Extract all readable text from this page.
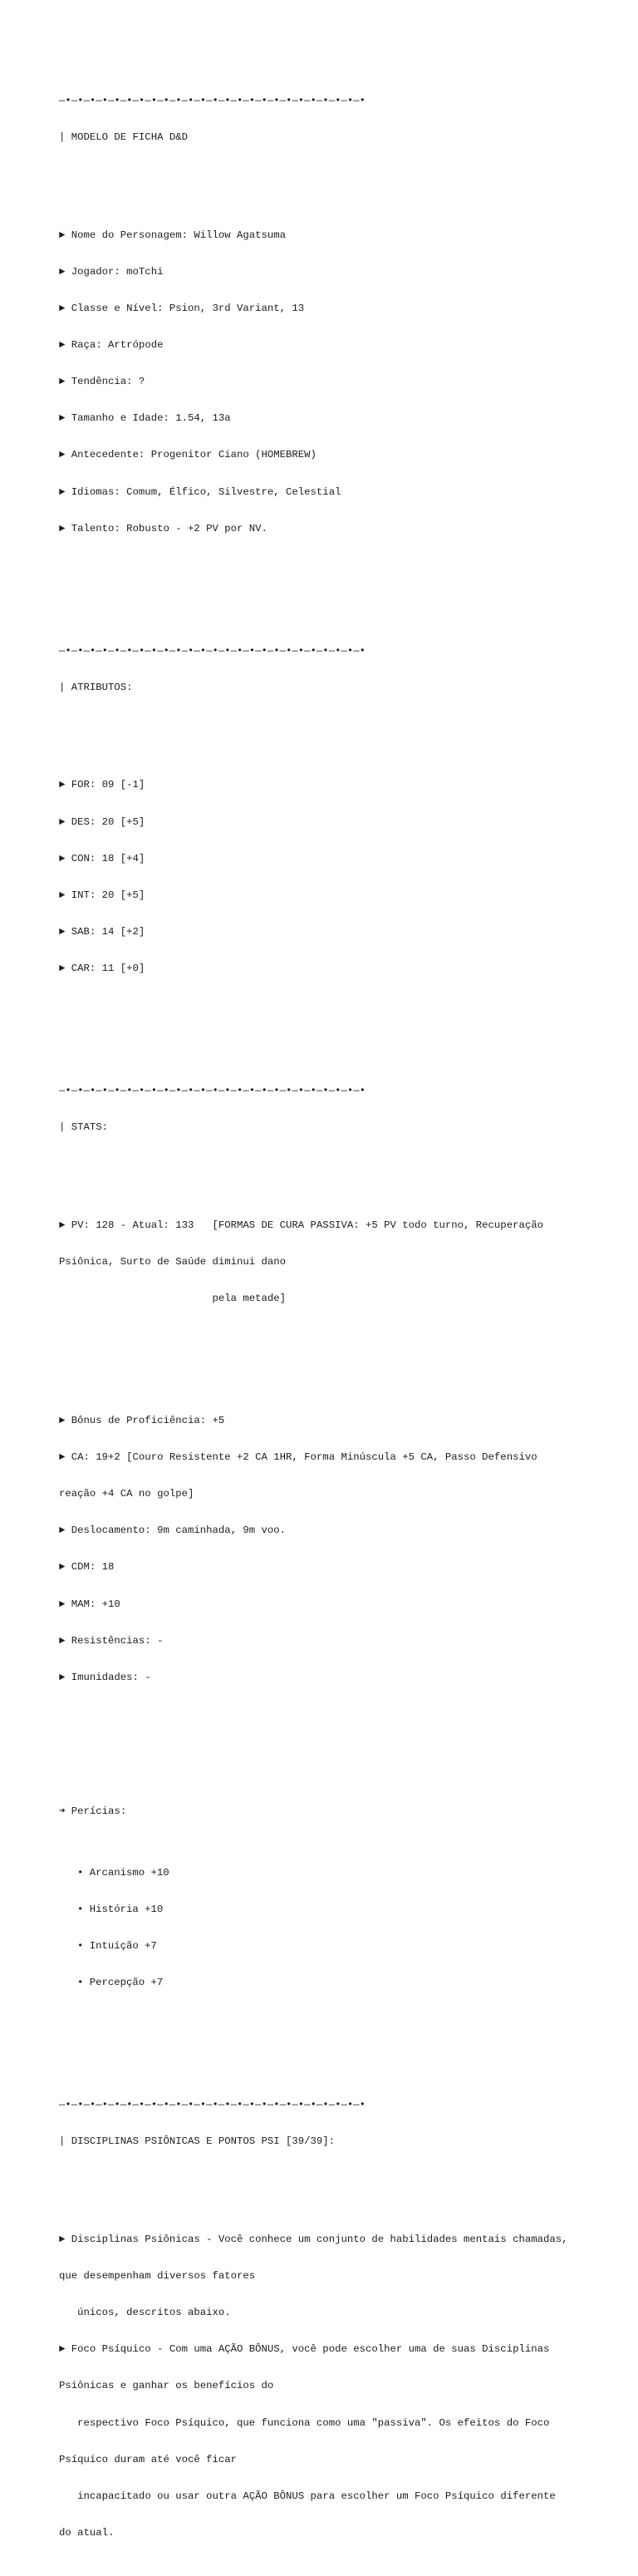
—•—•—•—•—•—•—•—•—•—•—•—•—•—•—•—•—•—•—•—•—•—•—•—•—•

| MODELO DE FICHA D&D

► Nome do Personagem: Willow Agatsuma

► Jogador: moTchi

► Classe e Nível: Psion, 3rd Variant, 13

► Raça: Artrópode

► Tendência: ?

► Tamanho e Idade: 1.54, 13a

► Antecedente: Progenitor Ciano (HOMEBREW)

► Idiomas: Comum, Élfico, Silvestre, Celestial

► Talento: Robusto - +2 PV por NV.

—•—•—•—•—•—•—•—•—•—•—•—•—•—•—•—•—•—•—•—•—•—•—•—•—•

| ATRIBUTOS:

► FOR: 09 [-1]

► DES: 20 [+5]

► CON: 18 [+4]

► INT: 20 [+5]

► SAB: 14 [+2]

► CAR: 11 [+0]

—•—•—•—•—•—•—•—•—•—•—•—•—•—•—•—•—•—•—•—•—•—•—•—•—•

| STATS:

► PV: 128 - Atual: 133   [FORMAS DE CURA PASSIVA: +5 PV todo turno, Recuperação

Psiônica, Surto de Saúde diminui dano

pela metade]

► Bônus de Proficiência: +5

► CA: 19+2 [Couro Resistente +2 CA 1HR, Forma Minúscula +5 CA, Passo Defensivo

reação +4 CA no golpe]

► Deslocamento: 9m caminhada, 9m voo.

► CDM: 18

► MAM: +10

► Resistências: -

► Imunidades: -

➜ Perícias:

• Arcanismo +10

• História +10

• Intuição +7

• Percepção +7

—•—•—•—•—•—•—•—•—•—•—•—•—•—•—•—•—•—•—•—•—•—•—•—•—•

| DISCIPLINAS PSIÔNICAS E PONTOS PSI [39/39]:

► Disciplinas Psiônicas - Você conhece um conjunto de habilidades mentais chamadas,

que desempenham diversos fatores

únicos, descritos abaixo.

► Foco Psíquico - Com uma AÇÃO BÔNUS, você pode escolher uma de suas Disciplinas

Psiônicas e ganhar os benefícios do

respectivo Foco Psíquico, que funciona como uma "passiva". Os efeitos do Foco

Psíquico duram até você ficar

incapacitado ou usar outra AÇÃO BÔNUS para escolher um Foco Psíquico diferente

do atual.
